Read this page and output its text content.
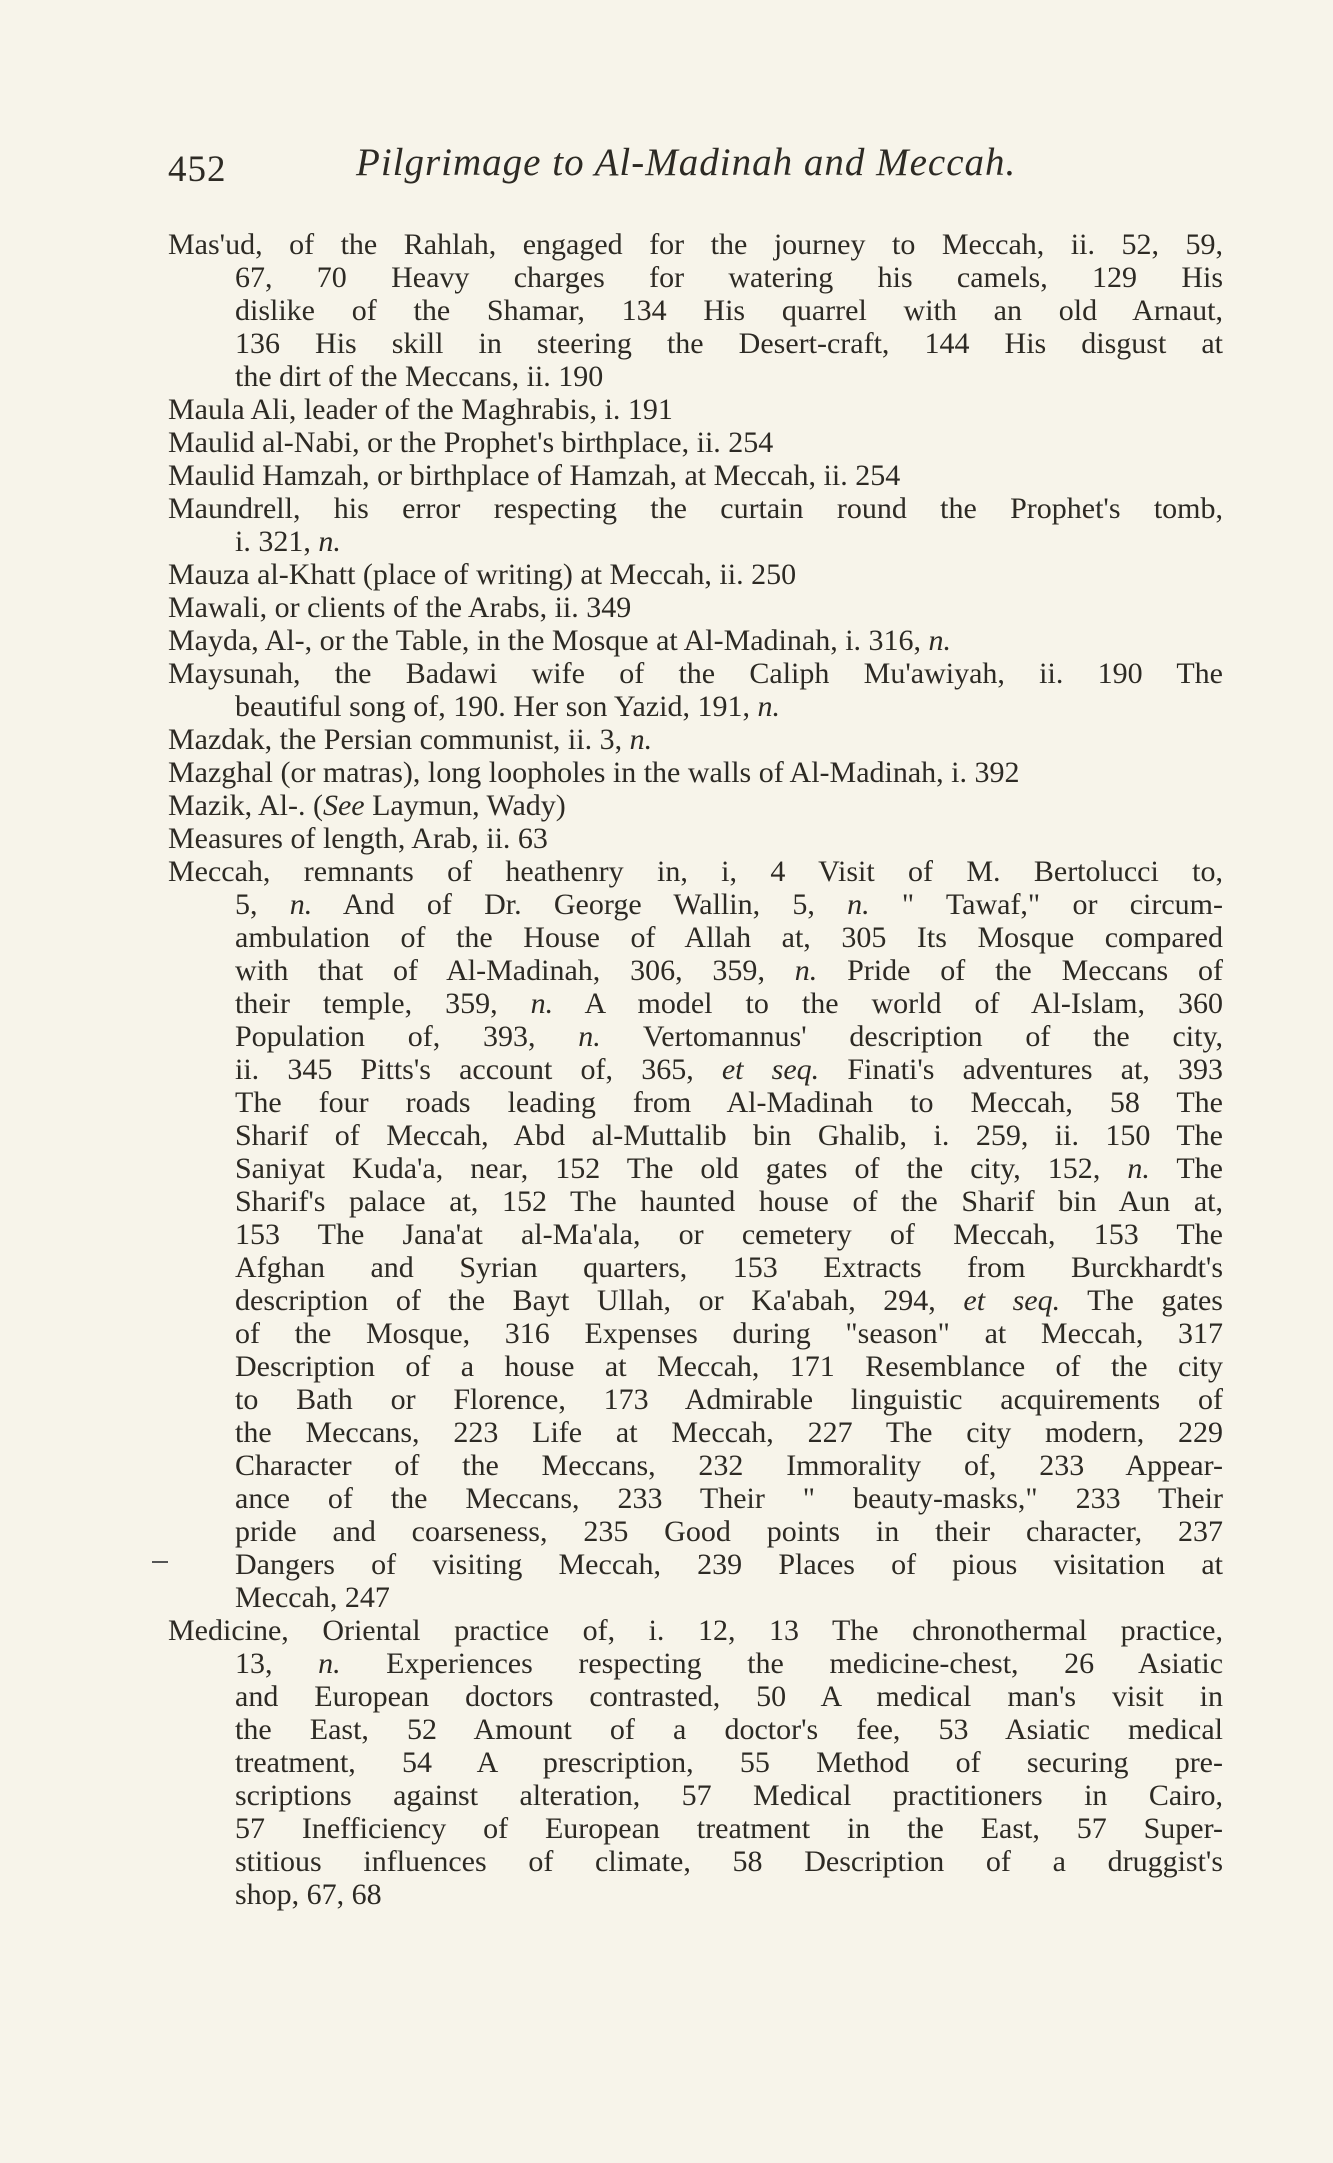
452	Pilgrimage to Al-Madinah and Meccah.

Mas'ud, of the Rahlah, engaged for the journey to Meccah, ii. 52, 59,
67, 70 Heavy charges for watering his camels, 129 His
dislike of the Shamar, 134 His quarrel with an old Arnaut,
136 His skill in steering the Desert-craft, 144 His disgust at
the dirt of the Meccans, ii. 190

Maula Ali, leader of the Maghrabis, i. 191

Maulid al-Nabi, or the Prophet's birthplace, ii. 254

Maulid Hamzah, or birthplace of Hamzah, at Meccah, ii. 254

Maundrell, his error respecting the curtain round the Prophet's tomb,
i. 321, n.

Mauza al-Khatt (place of writing) at Meccah, ii. 250

Mawali, or clients of the Arabs, ii. 349

Mayda, Al-, or the Table, in the Mosque at Al-Madinah, i. 316, n.

Maysunah, the Badawi wife of the Caliph Mu'awiyah, ii. 190 The
beautiful song of, 190. Her son Yazid, 191, n.

Mazdak, the Persian communist, ii. 3, n.

Mazghal (or matras), long loopholes in the walls of Al-Madinah, i. 392

Mazik, Al-. (See Laymun, Wady)

Measures of length, Arab, ii. 63

Meccah, remnants of heathenry in, i, 4 Visit of M. Bertolucci to,
5, n. And of Dr. George Wallin, 5, n. " Tawaf," or circum-
ambulation of the House of Allah at, 305 Its Mosque compared
with that of Al-Madinah, 306, 359, n. Pride of the Meccans of
their temple, 359, n. A model to the world of Al-Islam, 360
Population of, 393, n. Vertomannus' description of the city,
ii. 345 Pitts's account of, 365, et seq. Finati's adventures at, 393
The four roads leading from Al-Madinah to Meccah, 58 The
Sharif of Meccah, Abd al-Muttalib bin Ghalib, i. 259, ii. 150 The
Saniyat Kuda'a, near, 152 The old gates of the city, 152, n. The
Sharif's palace at, 152 The haunted house of the Sharif bin Aun at,
153 The Jana'at al-Ma'ala, or cemetery of Meccah, 153 The
Afghan and Syrian quarters, 153 Extracts from Burckhardt's
description of the Bayt Ullah, or Ka'abah, 294, et seq. The gates
of the Mosque, 316 Expenses during "season" at Meccah, 317
Description of a house at Meccah, 171 Resemblance of the city
to Bath or Florence, 173 Admirable linguistic acquirements of
the Meccans, 223 Life at Meccah, 227 The city modern, 229
Character of the Meccans, 232 Immorality of, 233 Appear-
ance of the Meccans, 233 Their " beauty-masks," 233 Their
pride and coarseness, 235 Good points in their character, 237
Dangers of visiting Meccah, 239 Places of pious visitation at
Meccah, 247

Medicine, Oriental practice of, i. 12, 13 The chronothermal practice,
13, n. Experiences respecting the medicine-chest, 26 Asiatic
and European doctors contrasted, 50 A medical man's visit in
the East, 52 Amount of a doctor's fee, 53 Asiatic medical
treatment, 54 A prescription, 55 Method of securing pre-
scriptions against alteration, 57 Medical practitioners in Cairo,
57 Inefficiency of European treatment in the East, 57 Super-
stitious influences of climate, 58 Description of a druggist's
shop, 67, 68
